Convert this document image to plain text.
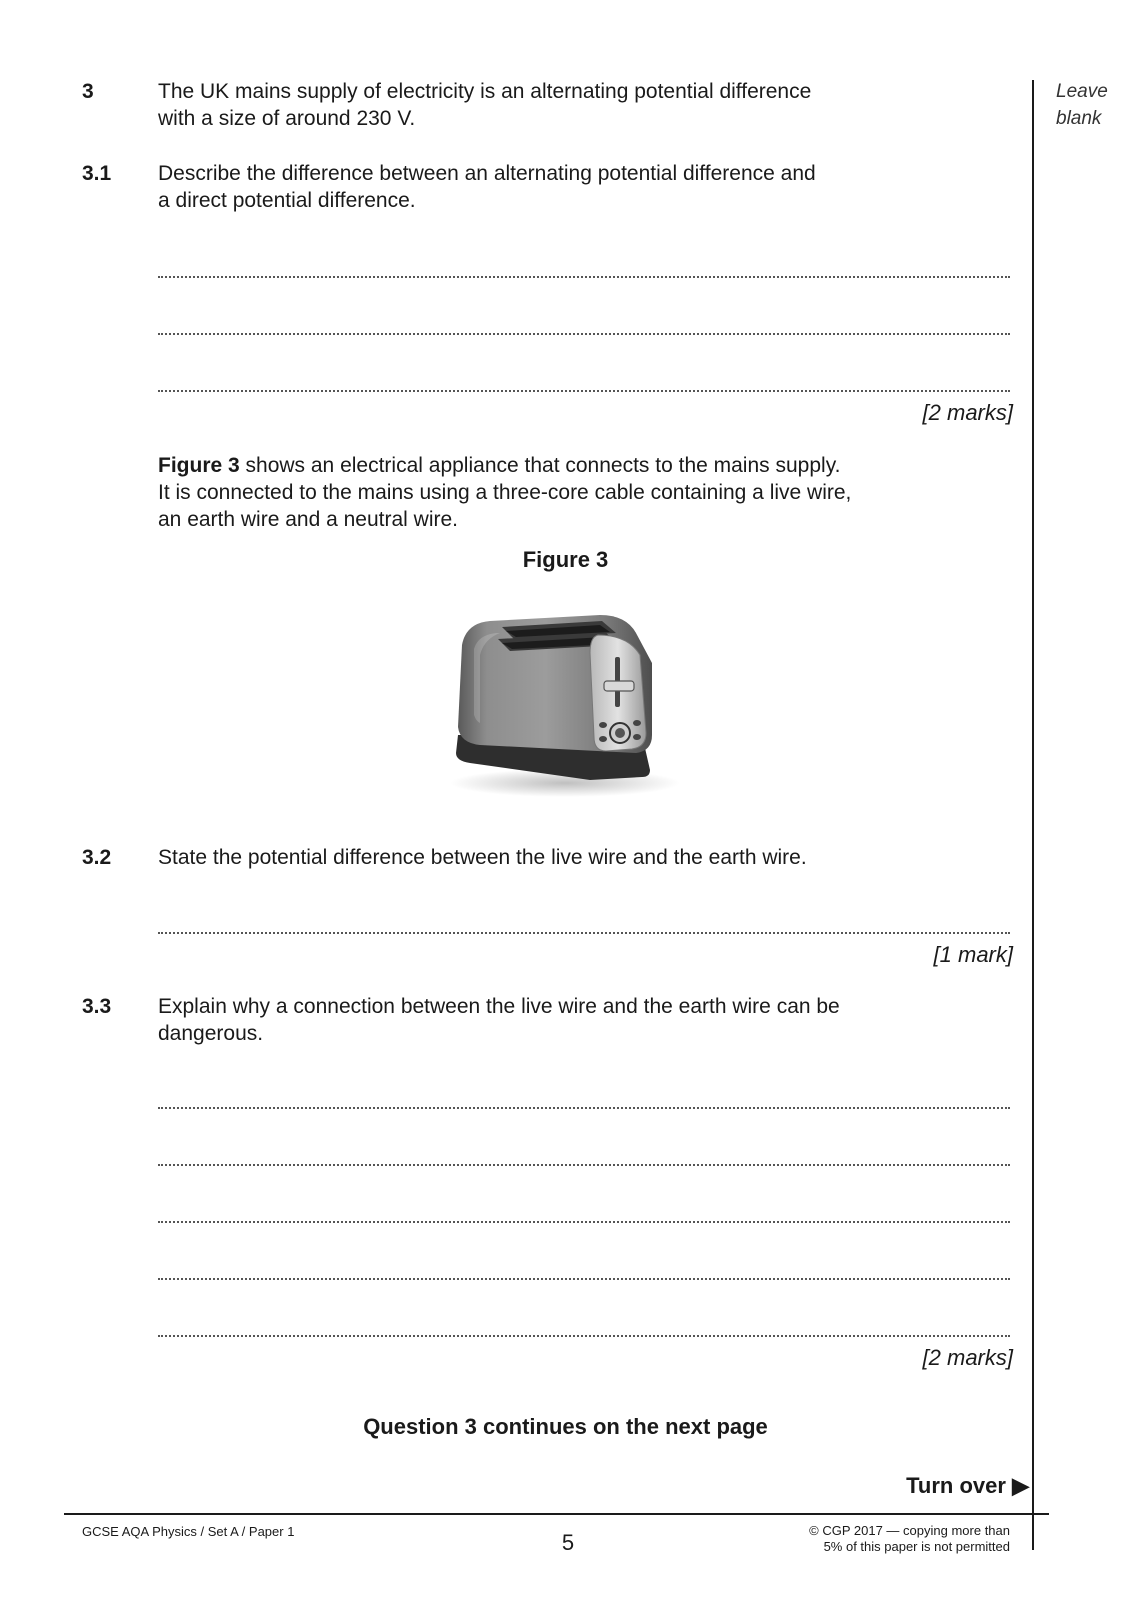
Leave
blank
3	The UK mains supply of electricity is an alternating potential difference
with a size of around 230 V.
3.1 Describe the difference between an alternating potential difference and
a direct potential difference.
[2 marks]
Figure 3 shows an electrical appliance that connects to the mains supply.
It is connected to the mains using a three-core cable containing a live wire,
an earth wire and a neutral wire.
Figure 3
3.2 State the potential difference between the live wire and the earth wire.
[1 mark]
3.3 Explain why a connection between the live wire and the earth wire can be
dangerous.
[2 marks]
Question 3 continues on the next page
Turn over ▶
GCSE AQA Physics / Set A / Paper 1	5	© CGP 2017 — copying more than
5% of this paper is not permitted
